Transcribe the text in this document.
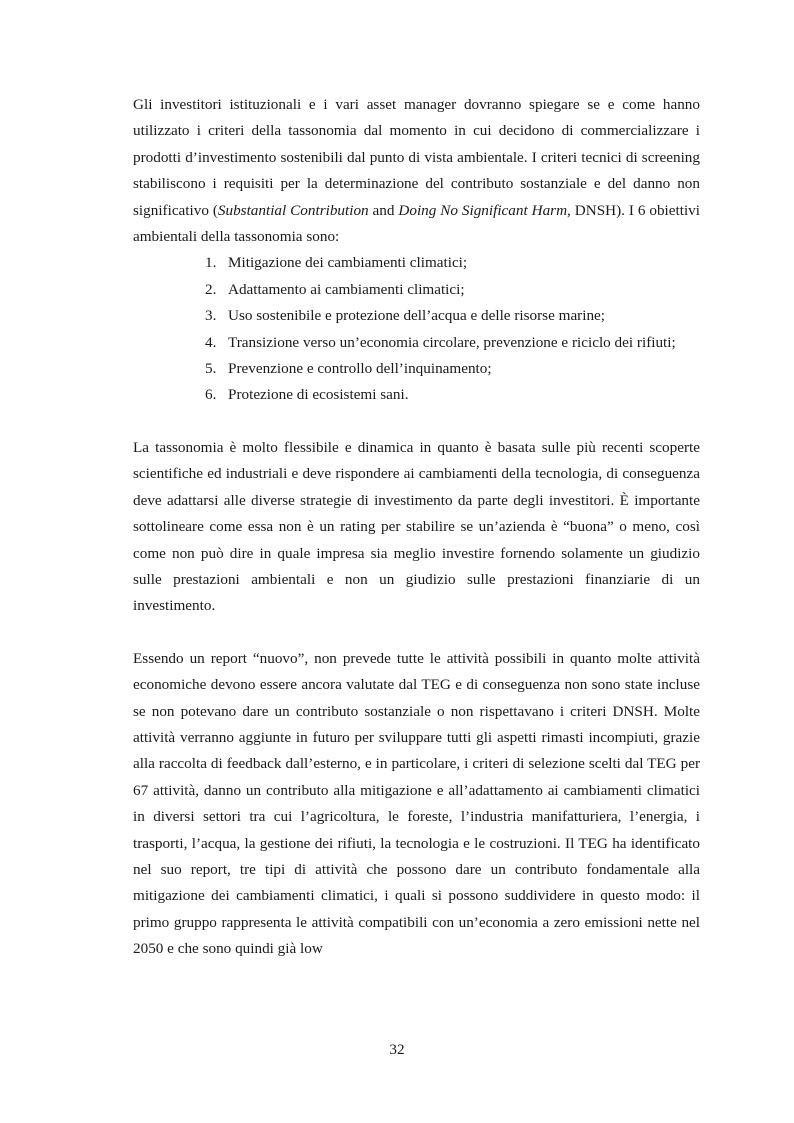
Gli investitori istituzionali e i vari asset manager dovranno spiegare se e come hanno utilizzato i criteri della tassonomia dal momento in cui decidono di commercializzare i prodotti d’investimento sostenibili dal punto di vista ambientale. I criteri tecnici di screening stabiliscono i requisiti per la determinazione del contributo sostanziale e del danno non significativo (Substantial Contribution and Doing No Significant Harm, DNSH). I 6 obiettivi ambientali della tassonomia sono:

1. Mitigazione dei cambiamenti climatici;
2. Adattamento ai cambiamenti climatici;
3. Uso sostenibile e protezione dell’acqua e delle risorse marine;
4. Transizione verso un’economia circolare, prevenzione e riciclo dei rifiuti;
5. Prevenzione e controllo dell’inquinamento;
6. Protezione di ecosistemi sani.

La tassonomia è molto flessibile e dinamica in quanto è basata sulle più recenti scoperte scientifiche ed industriali e deve rispondere ai cambiamenti della tecnologia, di conseguenza deve adattarsi alle diverse strategie di investimento da parte degli investitori. È importante sottolineare come essa non è un rating per stabilire se un’azienda è “buona” o meno, così come non può dire in quale impresa sia meglio investire fornendo solamente un giudizio sulle prestazioni ambientali e non un giudizio sulle prestazioni finanziarie di un investimento.

Essendo un report “nuovo”, non prevede tutte le attività possibili in quanto molte attività economiche devono essere ancora valutate dal TEG e di conseguenza non sono state incluse se non potevano dare un contributo sostanziale o non rispettavano i criteri DNSH. Molte attività verranno aggiunte in futuro per sviluppare tutti gli aspetti rimasti incompiuti, grazie alla raccolta di feedback dall’esterno, e in particolare, i criteri di selezione scelti dal TEG per 67 attività, danno un contributo alla mitigazione e all’adattamento ai cambiamenti climatici in diversi settori tra cui l’agricoltura, le foreste, l’industria manifatturiera, l’energia, i trasporti, l’acqua, la gestione dei rifiuti, la tecnologia e le costruzioni. Il TEG ha identificato nel suo report, tre tipi di attività che possono dare un contributo fondamentale alla mitigazione dei cambiamenti climatici, i quali si possono suddividere in questo modo: il primo gruppo rappresenta le attività compatibili con un’economia a zero emissioni nette nel 2050 e che sono quindi già low

32
